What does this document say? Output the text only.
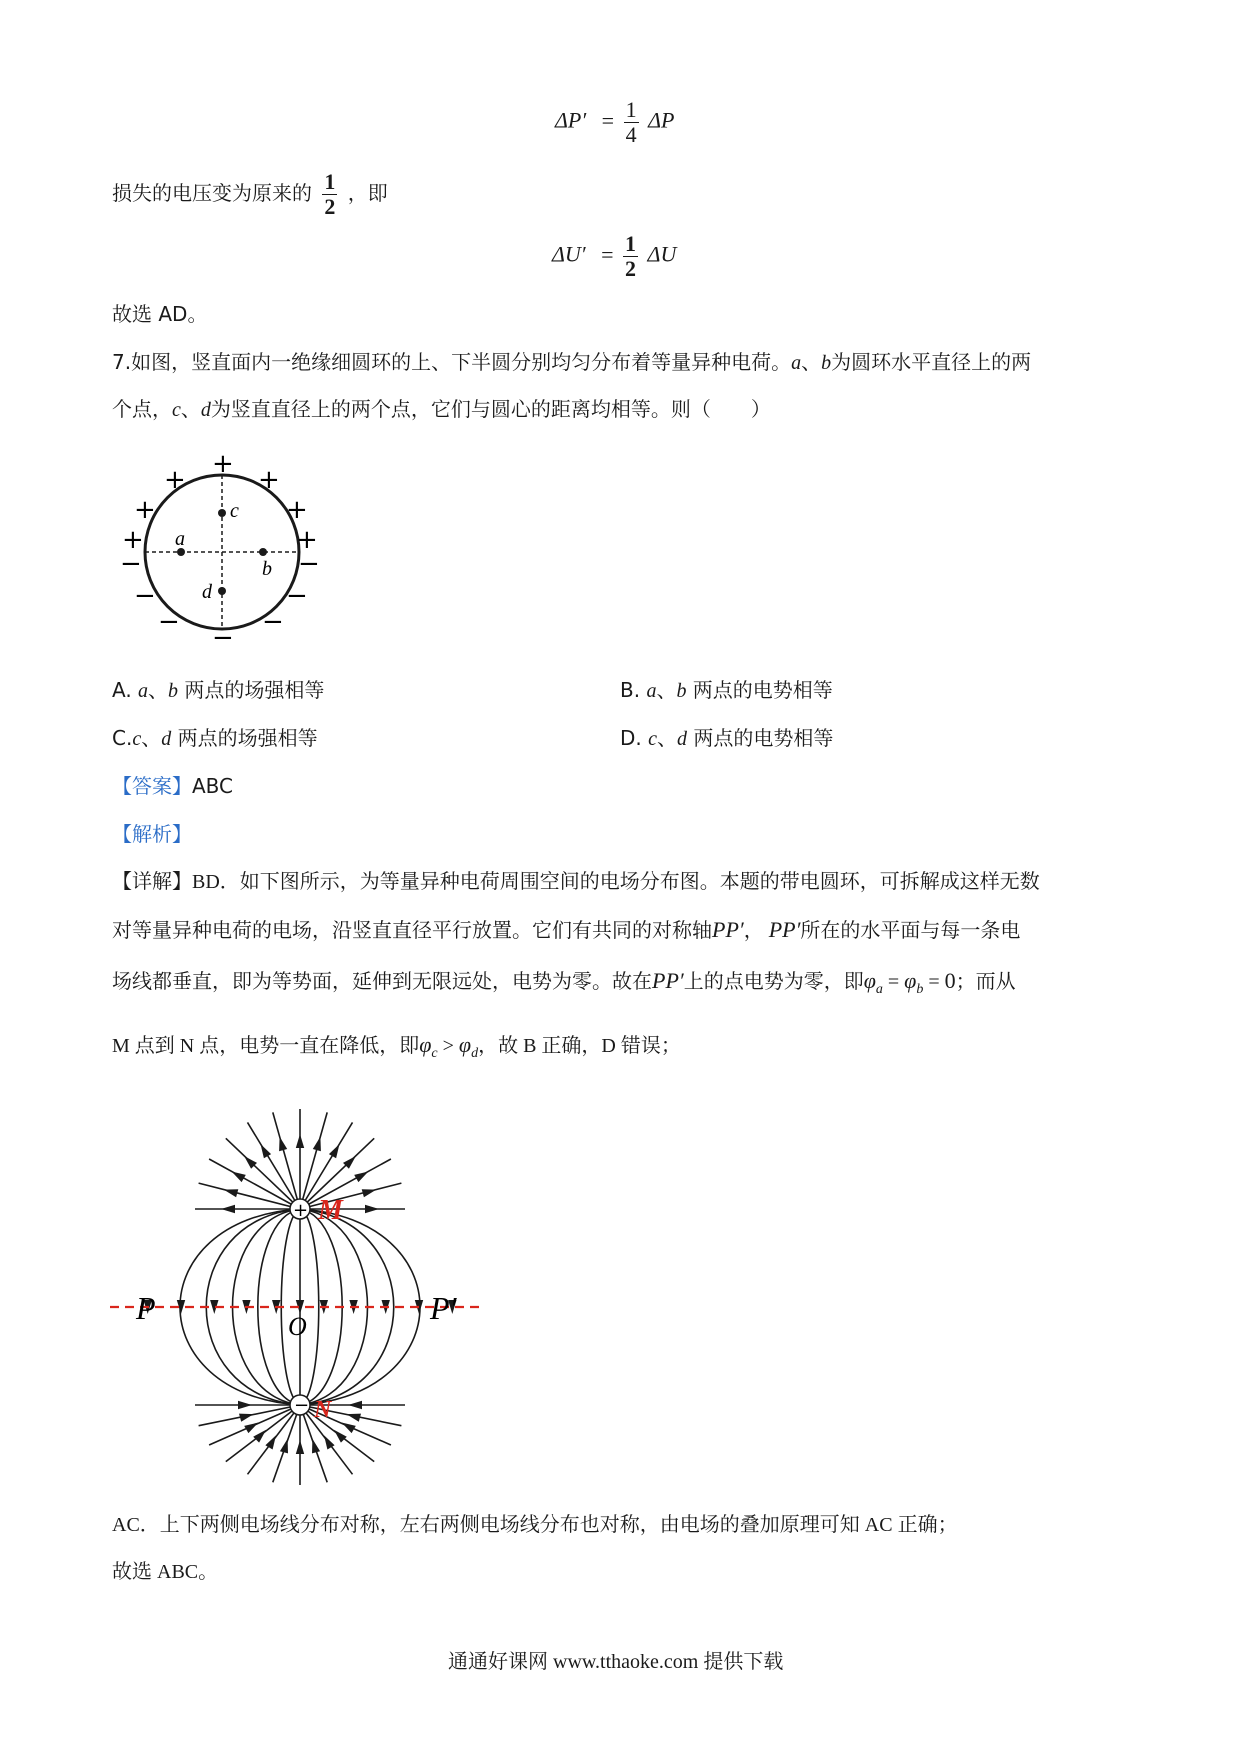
$\Delta P' = \frac{1}{4}$ ΔP
损失的电压变为原来的 $\frac{1}{2}$ ，即
$\Delta U' = \frac{1}{2}$ ΔU
故选 AD。
7.如图，竖直面内一绝缘细圆环的上、下半圆分别均匀分布着等量异种电荷。a、b为圆环水平直径上的两
个点，c、d为竖直直径上的两个点，它们与圆心的距离均相等。则（　　）
+
+	+
+	+
+	+
−	−
−	−
−	−
−
c
a
b
d
A. a、b 两点的场强相等	B. a、b 两点的电势相等
C.c、d 两点的场强相等	D. c、d 两点的电势相等
【答案】ABC
【解析】
【详解】BD．如下图所示，为等量异种电荷周围空间的电场分布图。本题的带电圆环，可拆解成这样无数
对等量异种电荷的电场，沿竖直直径平行放置。它们有共同的对称轴PP′， PP′所在的水平面与每一条电
场线都垂直，即为等势面，延伸到无限远处，电势为零。故在PP′上的点电势为零，即$\varphi_a = \varphi_b = 0$；而从
M 点到 N 点，电势一直在降低，即$\varphi_c > \varphi_d$，故 B 正确，D 错误；
+
−
M
N
P	P′
O
AC．上下两侧电场线分布对称，左右两侧电场线分布也对称，由电场的叠加原理可知 AC 正确；
故选 ABC。
通通好课网 www.tthaoke.com 提供下载
